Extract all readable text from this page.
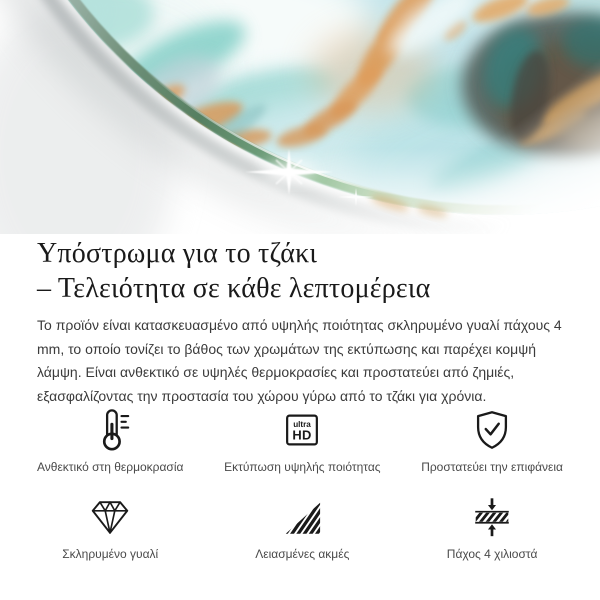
Υπόστρωμα για το τζάκι
– Τελειότητα σε κάθε λεπτομέρεια

Το προϊόν είναι κατασκευασμένο από υψηλής ποιότητας σκληρυμένο γυαλί πάχους 4 mm, το οποίο τονίζει το βάθος των χρωμάτων της εκτύπωσης και παρέχει κομψή λάμψη. Είναι ανθεκτικό σε υψηλές θερμοκρασίες και προστατεύει από ζημιές, εξασφαλίζοντας την προστασία του χώρου γύρω από το τζάκι για χρόνια.

Ανθεκτικό στη θερμοκρασία
ultra
HD
Εκτύπωση υψηλής ποιότητας	Προστατεύει την επιφάνεια
Σκληρυμένο γυαλί	Λειασμένες ακμές	Πάχος 4 χιλιοστά
